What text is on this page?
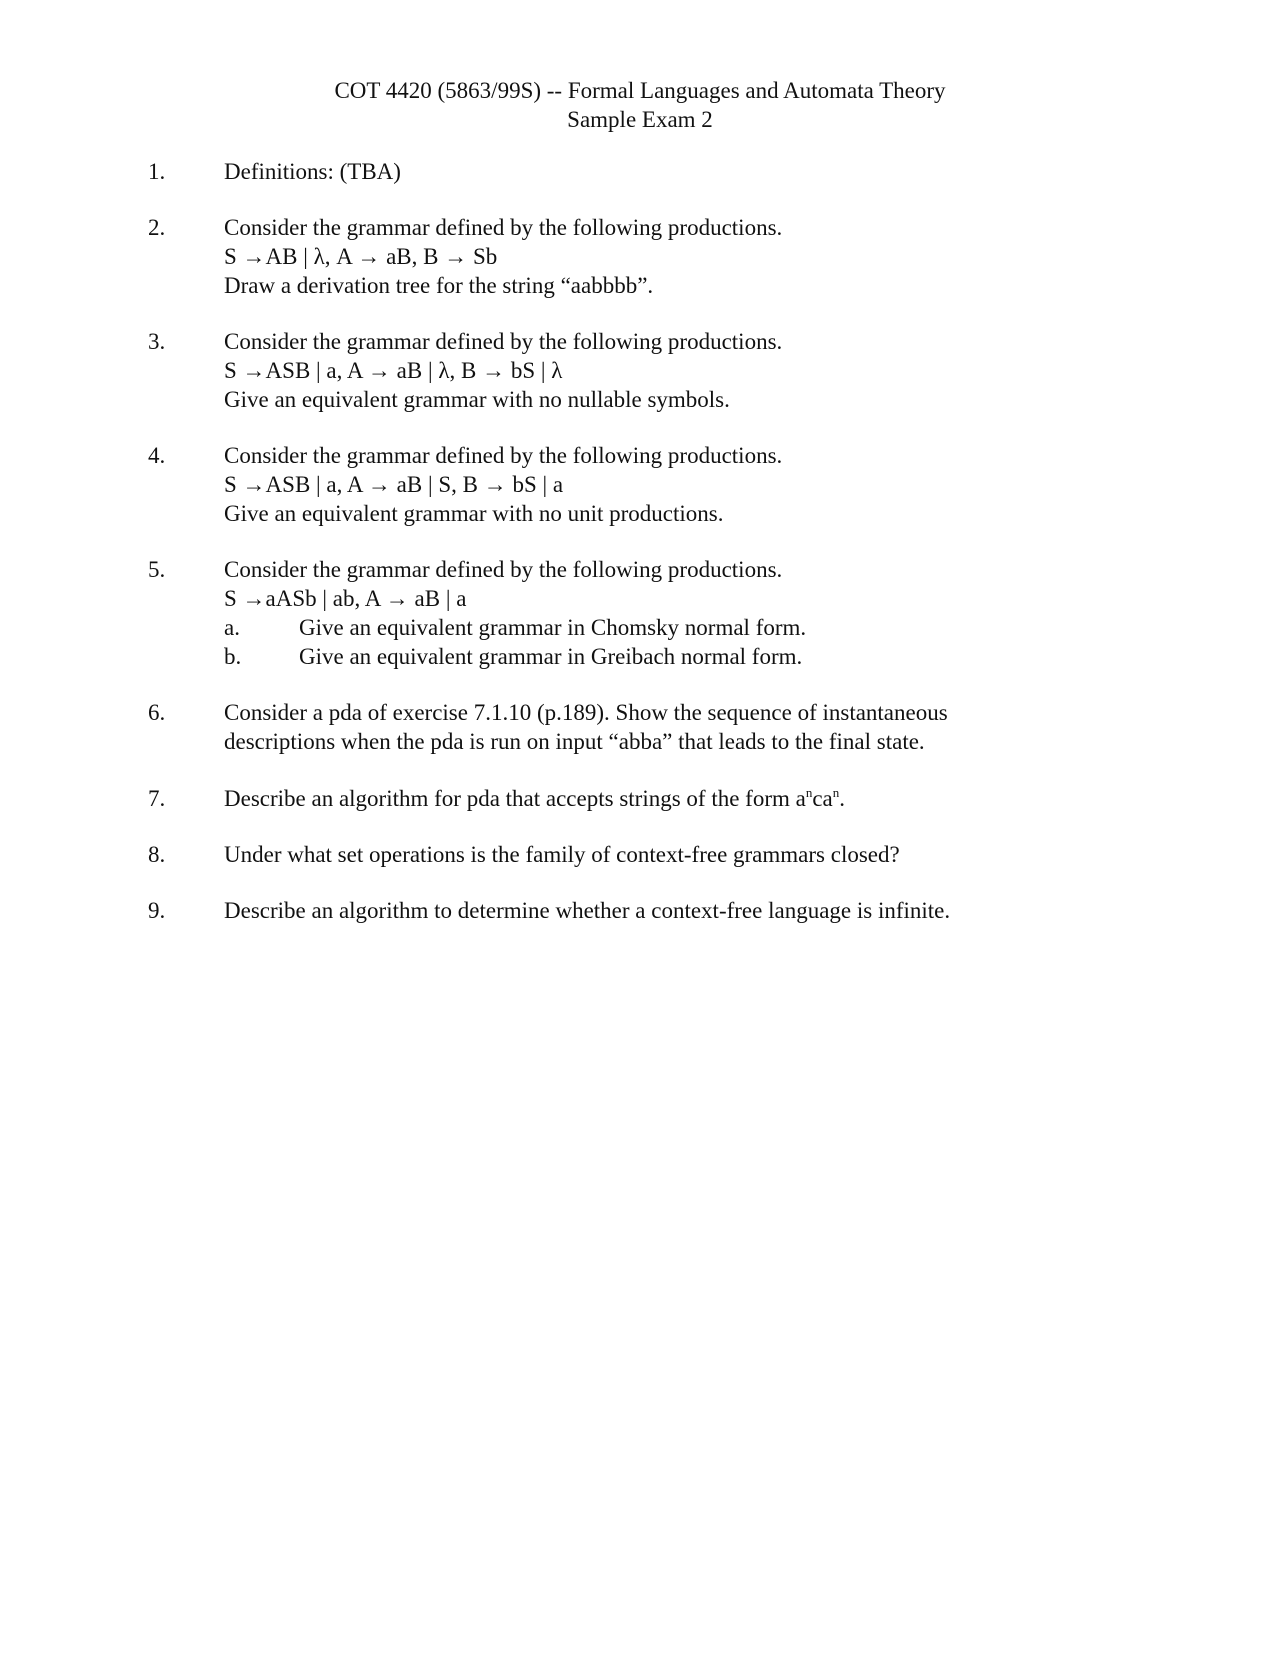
COT 4420 (5863/99S) -- Formal Languages and Automata Theory
Sample Exam 2
1.	Definitions: (TBA)
2.	Consider the grammar defined by the following productions.
S →AB | λ, A → aB, B → Sb
Draw a derivation tree for the string “aabbbb”.
3.	Consider the grammar defined by the following productions.
S →ASB | a, A → aB | λ, B → bS | λ
Give an equivalent grammar with no nullable symbols.
4.	Consider the grammar defined by the following productions.
S →ASB | a, A → aB | S, B → bS | a
Give an equivalent grammar with no unit productions.
5.	Consider the grammar defined by the following productions.
S →aASb | ab, A → aB | a
a.	Give an equivalent grammar in Chomsky normal form.
b.	Give an equivalent grammar in Greibach normal form.
6.	Consider a pda of exercise 7.1.10 (p.189). Show the sequence of instantaneous
descriptions when the pda is run on input “abba” that leads to the final state.
7.	Describe an algorithm for pda that accepts strings of the form $a^nca^n$.
8.	Under what set operations is the family of context-free grammars closed?
9.	Describe an algorithm to determine whether a context-free language is infinite.
